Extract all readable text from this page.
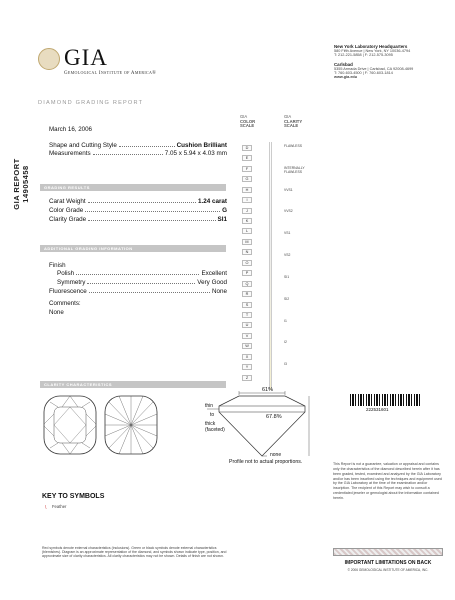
GIA
Gemological Institute of America®
New York Laboratory Headquarters
580 Fifth Avenue | New York, NY 10036-4794
T: 212-221-5858 | F: 212-575-3095
Carlsbad
5355 Armada Drive | Carlsbad, CA 92008-4699
T: 760-603-4500 | F: 760-603-1814
www.gia.edu
DIAMOND GRADING REPORT
GIA REPORT 14905458
March 16, 2006
Shape and Cutting Style	Cushion Brilliant
Measurements	7.05 x 5.94 x 4.03 mm
GRADING RESULTS
Carat Weight	1.24 carat
Color Grade	G
Clarity Grade	SI1
ADDITIONAL GRADING INFORMATION
Finish
Polish	Excellent
Symmetry	Very Good
Fluorescence	None
Comments:
None
CLARITY CHARACTERISTICS
KEY TO SYMBOLS
\ Feather
Red symbols denote external characteristics (inclusions). Green or black symbols denote external characteristics (blemishes). Diagram is an approximate representation of the diamond, and symbols shown indicate type, position, and approximate size of clarity characteristics. All clarity characteristics may not be shown. Details of finish are not shown.
GIA
COLOR
SCALE
GIA
CLARITY
SCALE
D
E
F
G
H
I
J
K
L
M
N
O
P
Q
R
S
T
U
V
W
X
Y
Z
FLAWLESS
INTERNALLY FLAWLESS
VVS1
VVS2
VS1
VS2
SI1
SI2
I1
I2
I3
61%
67.8%
thin
to
thick (faceted)
none
Profile not to actual proportions.
222531601
This Report is not a guarantee, valuation or appraisal and contains only the characteristics of the diamond described herein after it has been graded, tested, examined and analyzed by the GIA Laboratory and/or has been inscribed using the techniques and equipment used by the GIA Laboratory at the time of the examination and/or inscription. The recipient of this Report may wish to consult a credentialed jeweler or gemologist about the information contained herein.
IMPORTANT LIMITATIONS ON BACK
© 2006 GEMOLOGICAL INSTITUTE OF AMERICA, INC.
